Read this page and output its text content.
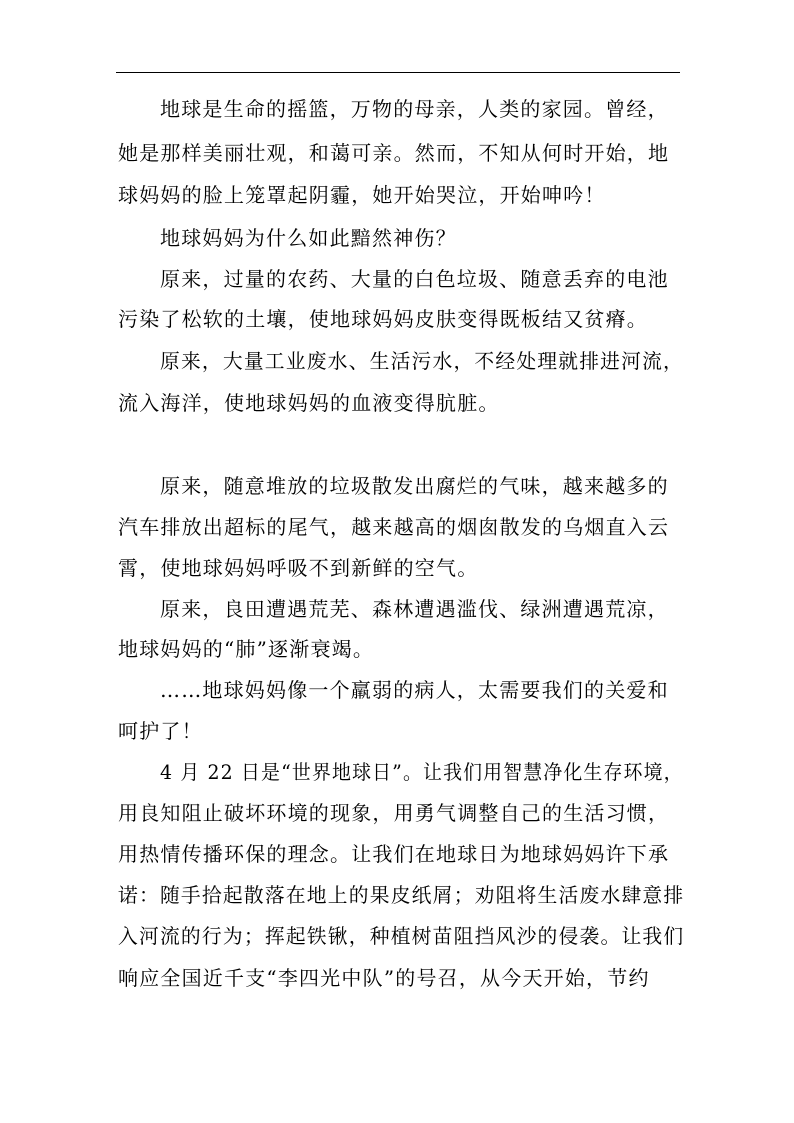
地球是生命的摇篮，万物的母亲，人类的家园。曾经，
她是那样美丽壮观，和蔼可亲。然而，不知从何时开始，地
球妈妈的脸上笼罩起阴霾，她开始哭泣，开始呻吟！
地球妈妈为什么如此黯然神伤？
原来，过量的农药、大量的白色垃圾、随意丢弃的电池
污染了松软的土壤，使地球妈妈皮肤变得既板结又贫瘠。
原来，大量工业废水、生活污水，不经处理就排进河流，
流入海洋，使地球妈妈的血液变得肮脏。
原来，随意堆放的垃圾散发出腐烂的气味，越来越多的
汽车排放出超标的尾气，越来越高的烟囱散发的乌烟直入云
霄，使地球妈妈呼吸不到新鲜的空气。
原来，良田遭遇荒芜、森林遭遇滥伐、绿洲遭遇荒凉，
地球妈妈的“肺”逐渐衰竭。
……地球妈妈像一个羸弱的病人，太需要我们的关爱和
呵护了！
4 月 22 日是“世界地球日”。让我们用智慧净化生存环境，
用良知阻止破坏环境的现象，用勇气调整自己的生活习惯，
用热情传播环保的理念。让我们在地球日为地球妈妈许下承
诺：随手拾起散落在地上的果皮纸屑；劝阻将生活废水肆意排
入河流的行为；挥起铁锹，种植树苗阻挡风沙的侵袭。让我们
响应全国近千支“李四光中队”的号召，从今天开始，节约
